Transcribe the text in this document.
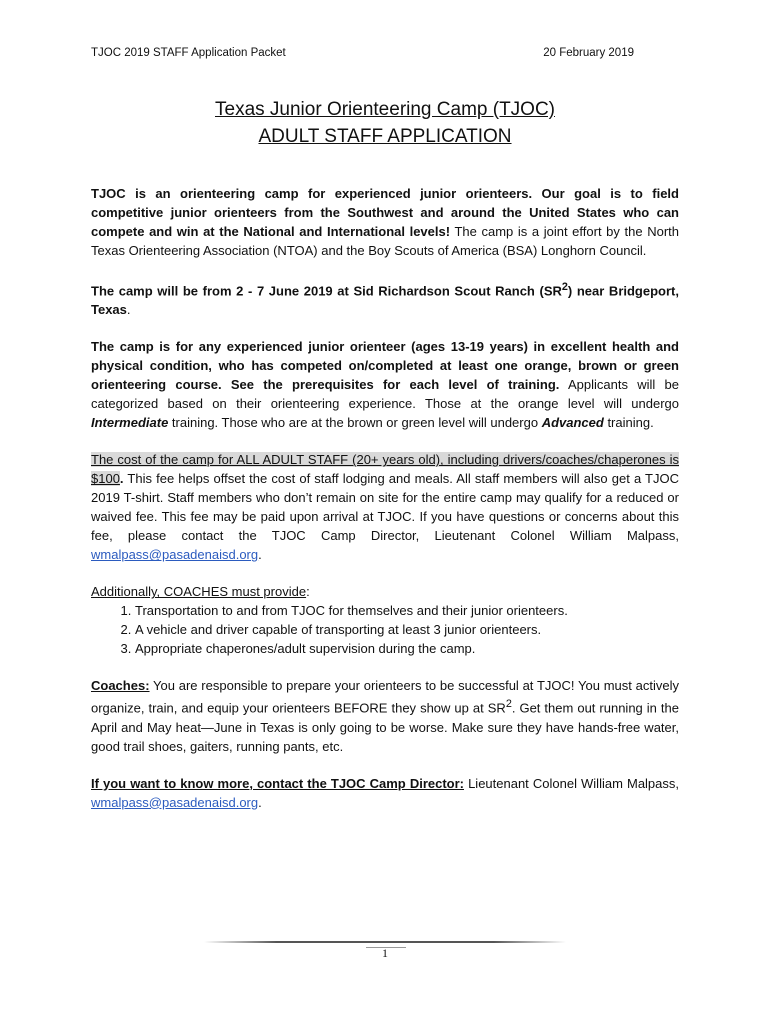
TJOC 2019 STAFF Application Packet	20 February 2019
Texas Junior Orienteering Camp (TJOC)
ADULT STAFF APPLICATION

TJOC is an orienteering camp for experienced junior orienteers. Our goal is to field competitive junior orienteers from the Southwest and around the United States who can compete and win at the National and International levels! The camp is a joint effort by the North Texas Orienteering Association (NTOA) and the Boy Scouts of America (BSA) Longhorn Council.

The camp will be from 2 - 7 June 2019 at Sid Richardson Scout Ranch $(SR^2)$ near Bridgeport, Texas.

The camp is for any experienced junior orienteer (ages 13-19 years) in excellent health and physical condition, who has competed on/completed at least one orange, brown or green orienteering course. See the prerequisites for each level of training. Applicants will be categorized based on their orienteering experience. Those at the orange level will undergo Intermediate training. Those who are at the brown or green level will undergo Advanced training.

The cost of the camp for ALL ADULT STAFF (20+ years old), including drivers/coaches/chaperones is $100. This fee helps offset the cost of staff lodging and meals. All staff members will also get a TJOC 2019 T-shirt. Staff members who don’t remain on site for the entire camp may qualify for a reduced or waived fee. This fee may be paid upon arrival at TJOC. If you have questions or concerns about this fee, please contact the TJOC Camp Director, Lieutenant Colonel William Malpass, wmalpass@pasadenaisd.org.

Additionally, COACHES must provide:
1. Transportation to and from TJOC for themselves and their junior orienteers.
2. A vehicle and driver capable of transporting at least 3 junior orienteers.
3. Appropriate chaperones/adult supervision during the camp.

Coaches: You are responsible to prepare your orienteers to be successful at TJOC! You must actively organize, train, and equip your orienteers BEFORE they show up at $SR^2$. Get them out running in the April and May heat—June in Texas is only going to be worse. Make sure they have hands-free water, good trail shoes, gaiters, running pants, etc.

If you want to know more, contact the TJOC Camp Director: Lieutenant Colonel William Malpass, wmalpass@pasadenaisd.org.

1
